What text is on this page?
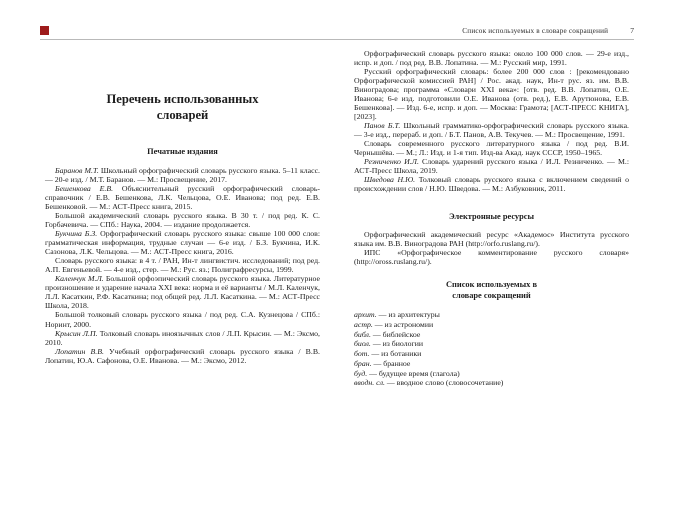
Список используемых в словаре сокращений	7
Перечень использованных словарей
Печатные издания

Баранов М.Т. Школьный орфографический словарь русского языка. 5–11 класс. — 20-е изд. / М.Т. Баранов. — М.: Просвещение, 2017.

Бешенкова Е.В. Объяснительный русский орфографический словарь-справочник / Е.В. Бешенкова, Л.К. Чельцова, О.Е. Иванова; под ред. Е.В. Бешенковой. — М.: АСТ-Пресс книга, 2015.

Большой академический словарь русского языка. В 30 т. / под ред. К. С. Горбачевича. — СПб.: Наука, 2004. — издание продолжается.

Букчина Б.З. Орфографический словарь русского языка: свыше 100 000 слов: грамматическая информация, трудные случаи — 6-е изд. / Б.З. Букчина, И.К. Сазонова, Л.К. Чельцова. — М.: АСТ-Пресс книга, 2016.

Словарь русского языка: в 4 т. / РАН, Ин-т лингвистич. исследований; под ред. А.П. Евгеньевой. — 4-е изд., стер. — М.: Рус. яз.; Полиграфресурсы, 1999.

Каленчук М.Л. Большой орфоэпический словарь русского языка. Литературное произношение и ударение начала XXI века: норма и её варианты / М.Л. Каленчук, Л.Л. Касаткин, Р.Ф. Касаткина; под общей ред. Л.Л. Касаткина. — М.: АСТ-Пресс Школа, 2018.

Большой толковый словарь русского языка / под ред. С.А. Кузнецова / СПб.: Норинт, 2000.

Крысин Л.П. Толковый словарь иноязычных слов / Л.П. Крысин. — М.: Эксмо, 2010.

Лопатин В.В. Учебный орфографический словарь русского языка / В.В. Лопатин, Ю.А. Сафонова, О.Е. Иванова. — М.: Эксмо, 2012.

Орфографический словарь русского языка: около 100 000 слов. — 29-е изд., испр. и доп. / под ред. В.В. Лопатина. — М.: Русский мир, 1991.

Русский орфографический словарь: более 200 000 слов : [рекомендовано Орфографической комиссией РАН] / Рос. акад. наук, Ин-т рус. яз. им. В.В. Виноградова; программа «Словари XXI века»: [отв. ред. В.В. Лопатин, О.Е. Иванова; 6-е изд. подготовили О.Е. Иванова (отв. ред.), Е.В. Арутюнова, Е.В. Бешенкова]. — Изд. 6-е, испр. и доп. — Москва: Грамота; [АСТ-ПРЕСС КНИГА], [2023].

Панов Б.Т. Школьный грамматико-орфографический словарь русского языка. — 3-е изд., перераб. и доп. / Б.Т. Панов, А.В. Текучев. — М.: Просвещение, 1991.

Словарь современного русского литературного языка / под ред. В.И. Чернышёва. — М.; Л.: Изд. и 1-я тип. Изд-ва Акад. наук СССР, 1950–1965.

Резниченко И.Л. Словарь ударений русского языка / И.Л. Резниченко. — М.: АСТ-Пресс Школа, 2019.

Шведова Н.Ю. Толковый словарь русского языка с включением сведений о происхождении слов / Н.Ю. Шведова. — М.: Азбуковник, 2011.

Электронные ресурсы

Орфографический академический ресурс «Академос» Института русского языка им. В.В. Виноградова РАН (http://orfo.ruslang.ru/).

ИПС «Орфографическое комментирование русского словаря» (http://oross.ruslang.ru/).

Список используемых в словаре сокращений
архит. — из архитектуры
астр. — из астрономии
библ. — библейское
биол. — из биологии
бот. — из ботаники
бран. — бранное
буд. — будущее время (глагола)
вводн. сл. — вводное слово (словосочетание)
